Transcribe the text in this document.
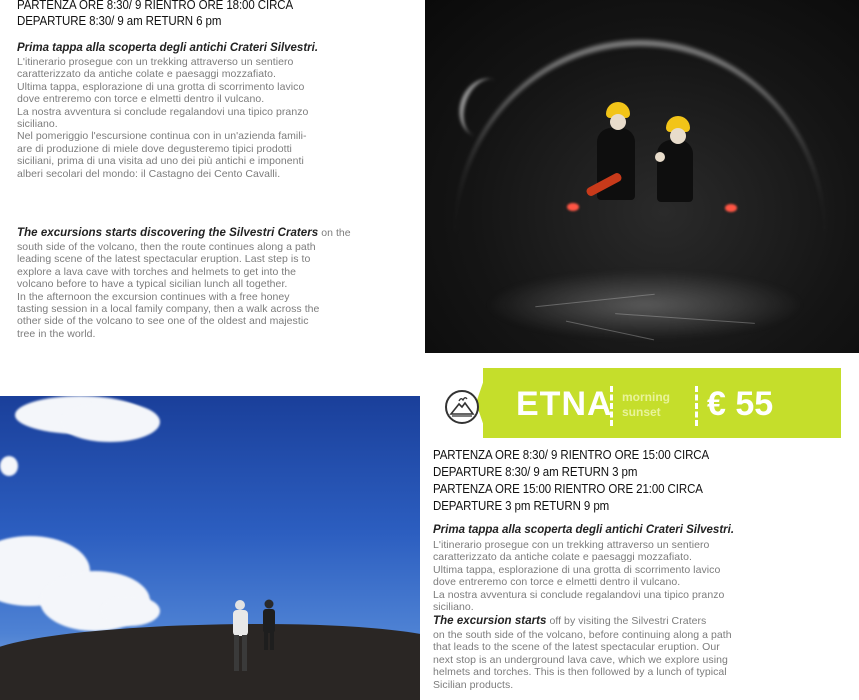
PARTENZA ORE 8:30/ 9 RIENTRO ORE 18:00 CIRCA
DEPARTURE 8:30/ 9 am RETURN 6 pm
Prima tappa alla scoperta degli antichi Crateri Silvestri.

L'itinerario prosegue con un trekking attraverso un sentiero

caratterizzato da antiche colate e paesaggi mozzafiato.

Ultima tappa, esplorazione di una grotta di scorrimento lavico

dove entreremo con torce e elmetti dentro il vulcano.

La nostra avventura si conclude regalandovi una tipico pranzo

siciliano.

Nel pomeriggio l'escursione continua con in un'azienda famili-

are di produzione di miele dove degusteremo tipici prodotti

siciliani, prima di una visita ad uno dei più antichi e imponenti

alberi secolari del mondo: il Castagno dei Cento Cavalli.

The excursions starts discovering the Silvestri Craters on the

south side of the volcano, then the route continues along a path

leading scene of the latest spectacular eruption. Last step is to

explore a lava cave with torches and helmets to get into the

volcano before to have a typical sicilian lunch all together.

In the afternoon the excursion continues with a free honey

tasting session in a local family company, then a walk across the

other side of the volcano to see one of the oldest and majestic

tree in the world.

ETNA morning
sunset € 55
PARTENZA ORE 8:30/ 9 RIENTRO ORE 15:00 CIRCA
DEPARTURE 8:30/ 9 am RETURN 3 pm
PARTENZA ORE 15:00 RIENTRO ORE 21:00 CIRCA
DEPARTURE 3 pm RETURN 9 pm
Prima tappa alla scoperta degli antichi Crateri Silvestri.

L'itinerario prosegue con un trekking attraverso un sentiero

caratterizzato da antiche colate e paesaggi mozzafiato.

Ultima tappa, esplorazione di una grotta di scorrimento lavico

dove entreremo con torce e elmetti dentro il vulcano.

La nostra avventura si conclude regalandovi una tipico pranzo

siciliano.

The excursion starts off by visiting the Silvestri Craters

on the south side of the volcano, before continuing along a path

that leads to the scene of the latest spectacular eruption. Our

next stop is an underground lava cave, which we explore using

helmets and torches. This is then followed by a lunch of typical

Sicilian products.
